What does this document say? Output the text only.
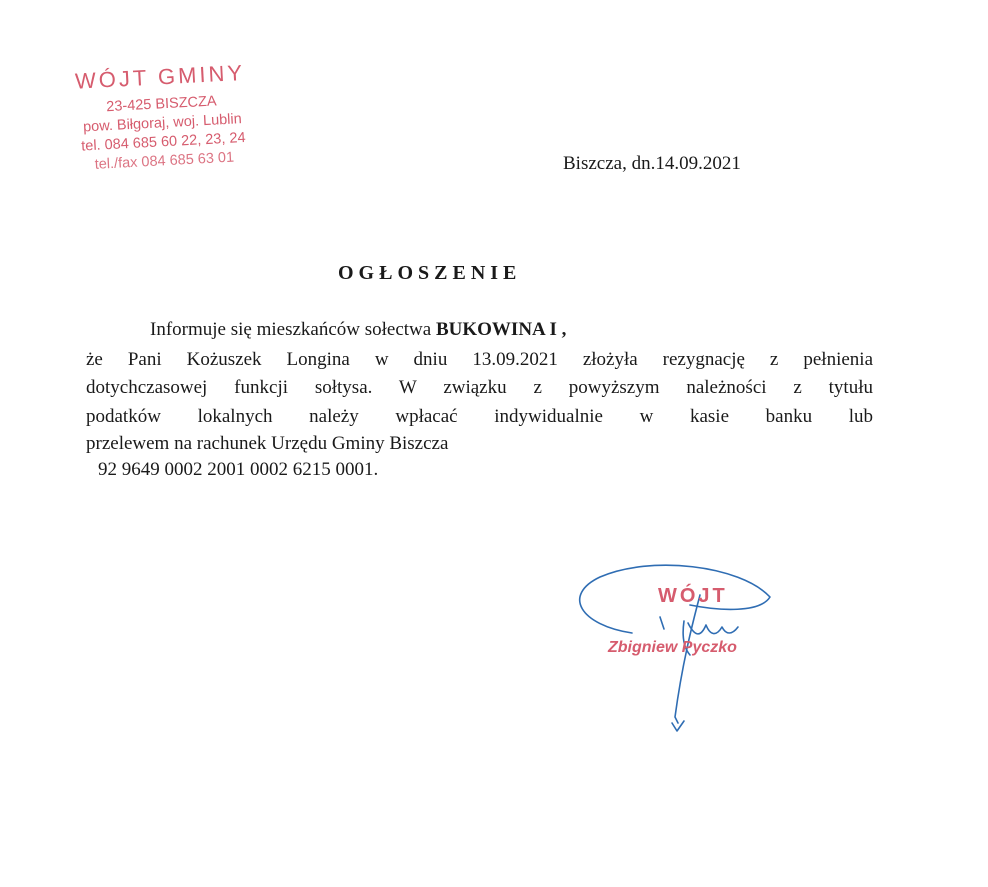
WÓJT GMINY
23-425 BISZCZA
pow. Biłgoraj, woj. Lublin
tel. 084 685 60 22, 23, 24
tel./fax 084 685 63 01	Biszcza, dn.14.09.2021
OGŁOSZENIE
Informuje się mieszkańców sołectwa BUKOWINA I ,
że Pani Kożuszek Longina w dniu 13.09.2021 złożyła rezygnację z pełnienia
dotychczasowej funkcji sołtysa. W związku z powyższym należności z tytułu
podatków lokalnych należy wpłacać indywidualnie w kasie banku lub
przelewem na rachunek Urzędu Gminy Biszcza
92 9649 0002 2001 0002 6215 0001.
WÓJT
Zbigniew Pyczko
